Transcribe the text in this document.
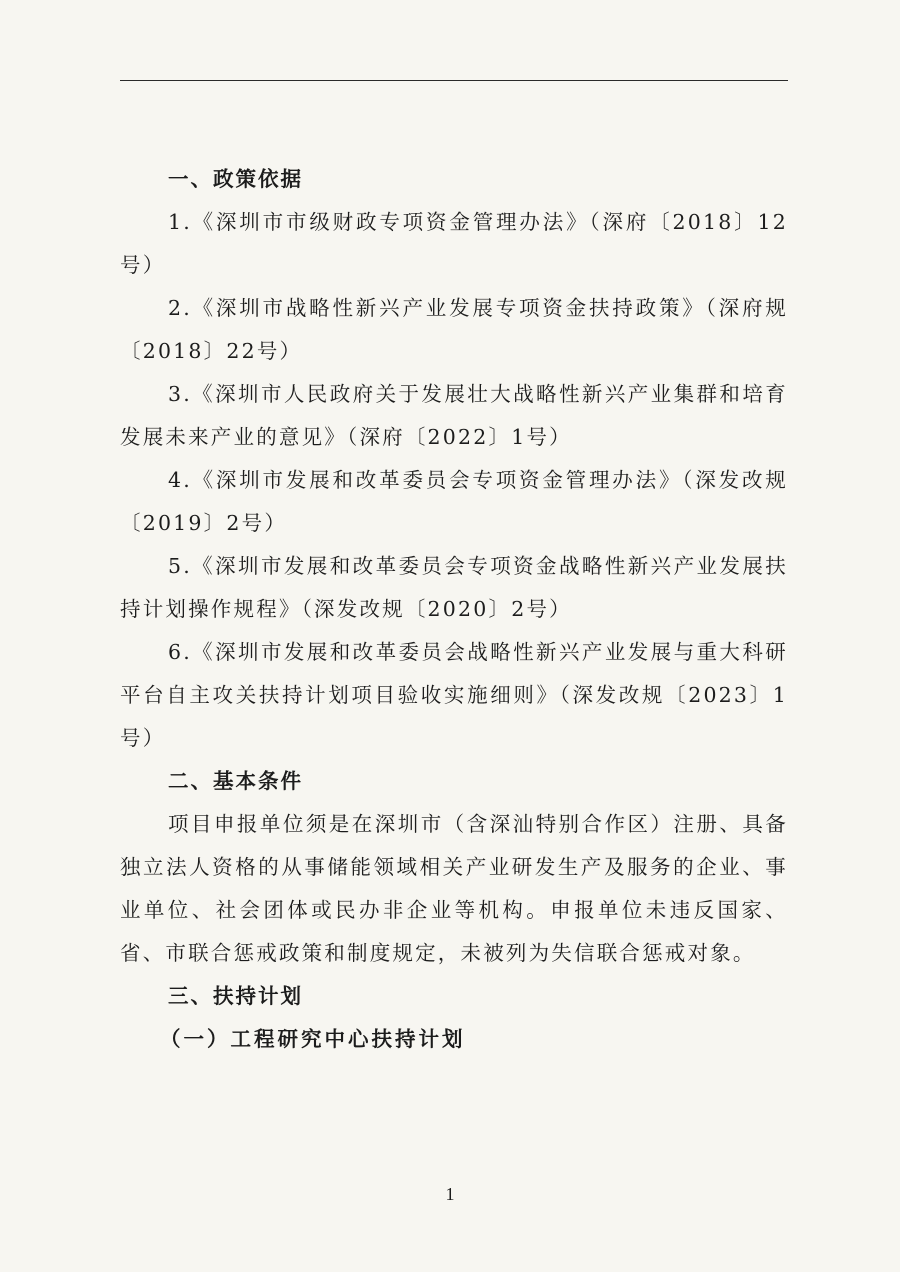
一、政策依据

1.《深圳市市级财政专项资金管理办法》（深府〔2018〕12号）

2.《深圳市战略性新兴产业发展专项资金扶持政策》（深府规〔2018〕22号）

3.《深圳市人民政府关于发展壮大战略性新兴产业集群和培育发展未来产业的意见》（深府〔2022〕1号）

4.《深圳市发展和改革委员会专项资金管理办法》（深发改规〔2019〕2号）

5.《深圳市发展和改革委员会专项资金战略性新兴产业发展扶持计划操作规程》（深发改规〔2020〕2号）

6.《深圳市发展和改革委员会战略性新兴产业发展与重大科研平台自主攻关扶持计划项目验收实施细则》（深发改规〔2023〕1号）

二、基本条件

项目申报单位须是在深圳市（含深汕特别合作区）注册、具备独立法人资格的从事储能领域相关产业研发生产及服务的企业、事业单位、社会团体或民办非企业等机构。申报单位未违反国家、省、市联合惩戒政策和制度规定，未被列为失信联合惩戒对象。

三、扶持计划

（一）工程研究中心扶持计划

1
